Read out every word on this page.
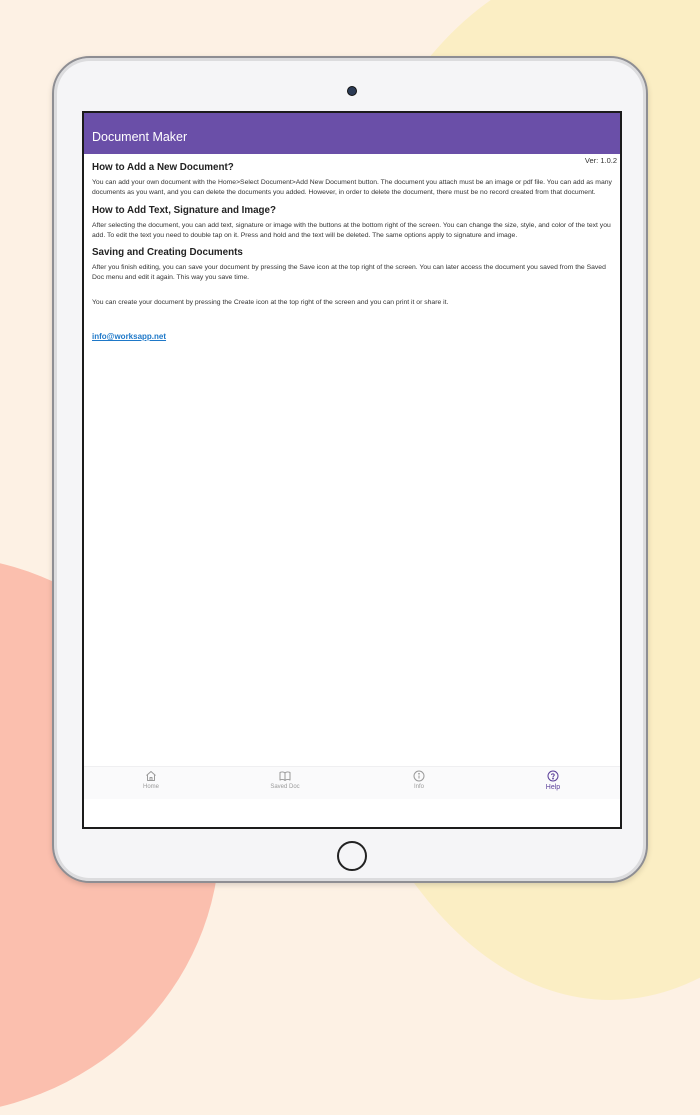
Document Maker
Ver: 1.0.2
How to Add a New Document?

You can add your own document with the Home>Select Document>Add New Document button. The document you attach must be an image or pdf file. You can add as many documents as you want, and you can delete the documents you added. However, in order to delete the document, there must be no record created from that document.

How to Add Text, Signature and Image?

After selecting the document, you can add text, signature or image with the buttons at the bottom right of the screen. You can change the size, style, and color of the text you add. To edit the text you need to double tap on it. Press and hold and the text will be deleted. The same options apply to signature and image.

Saving and Creating Documents

After you finish editing, you can save your document by pressing the Save icon at the top right of the screen. You can later access the document you saved from the Saved Doc menu and edit it again. This way you save time.

You can create your document by pressing the Create icon at the top right of the screen and you can print it or share it.

info@worksapp.net
Home	Saved Doc	Info	Help
